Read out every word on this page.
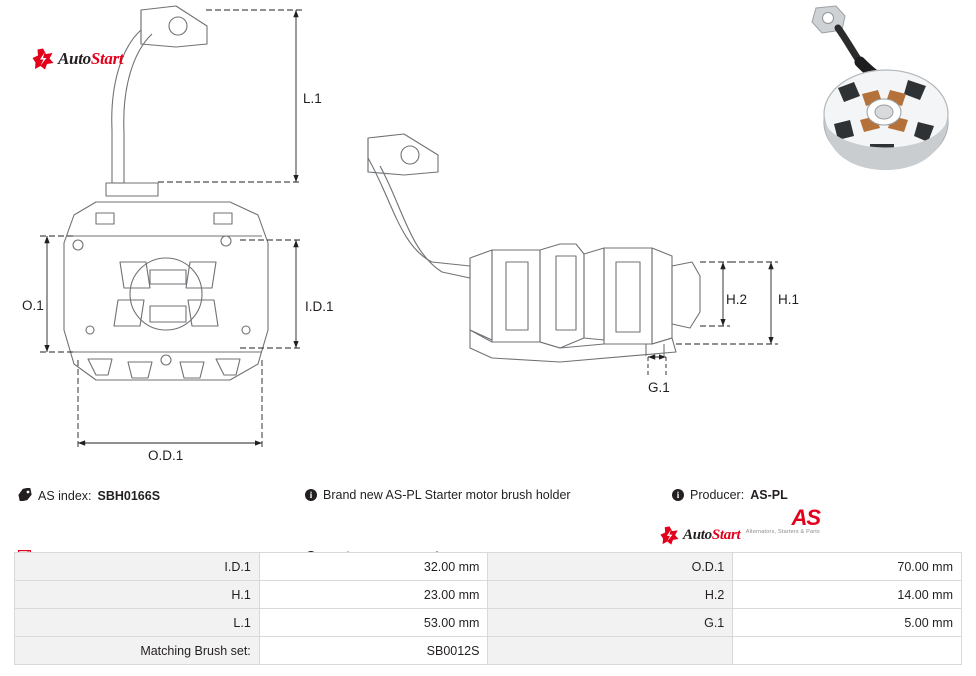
L.1
O.1	I.D.1
O.D.1
H.1
H.2
G.1
AutoStart
AS index: SBH0166S	i Brand new AS-PL Starter motor brush holder	i Producer: AS-PL
AS
Alternators, Starters & Parts
AutoStart
I.D.1	32.00 mm	O.D.1	70.00 mm
H.1	23.00 mm	H.2	14.00 mm
L.1	53.00 mm	G.1	5.00 mm
Matching Brush set:	SB0012S		
